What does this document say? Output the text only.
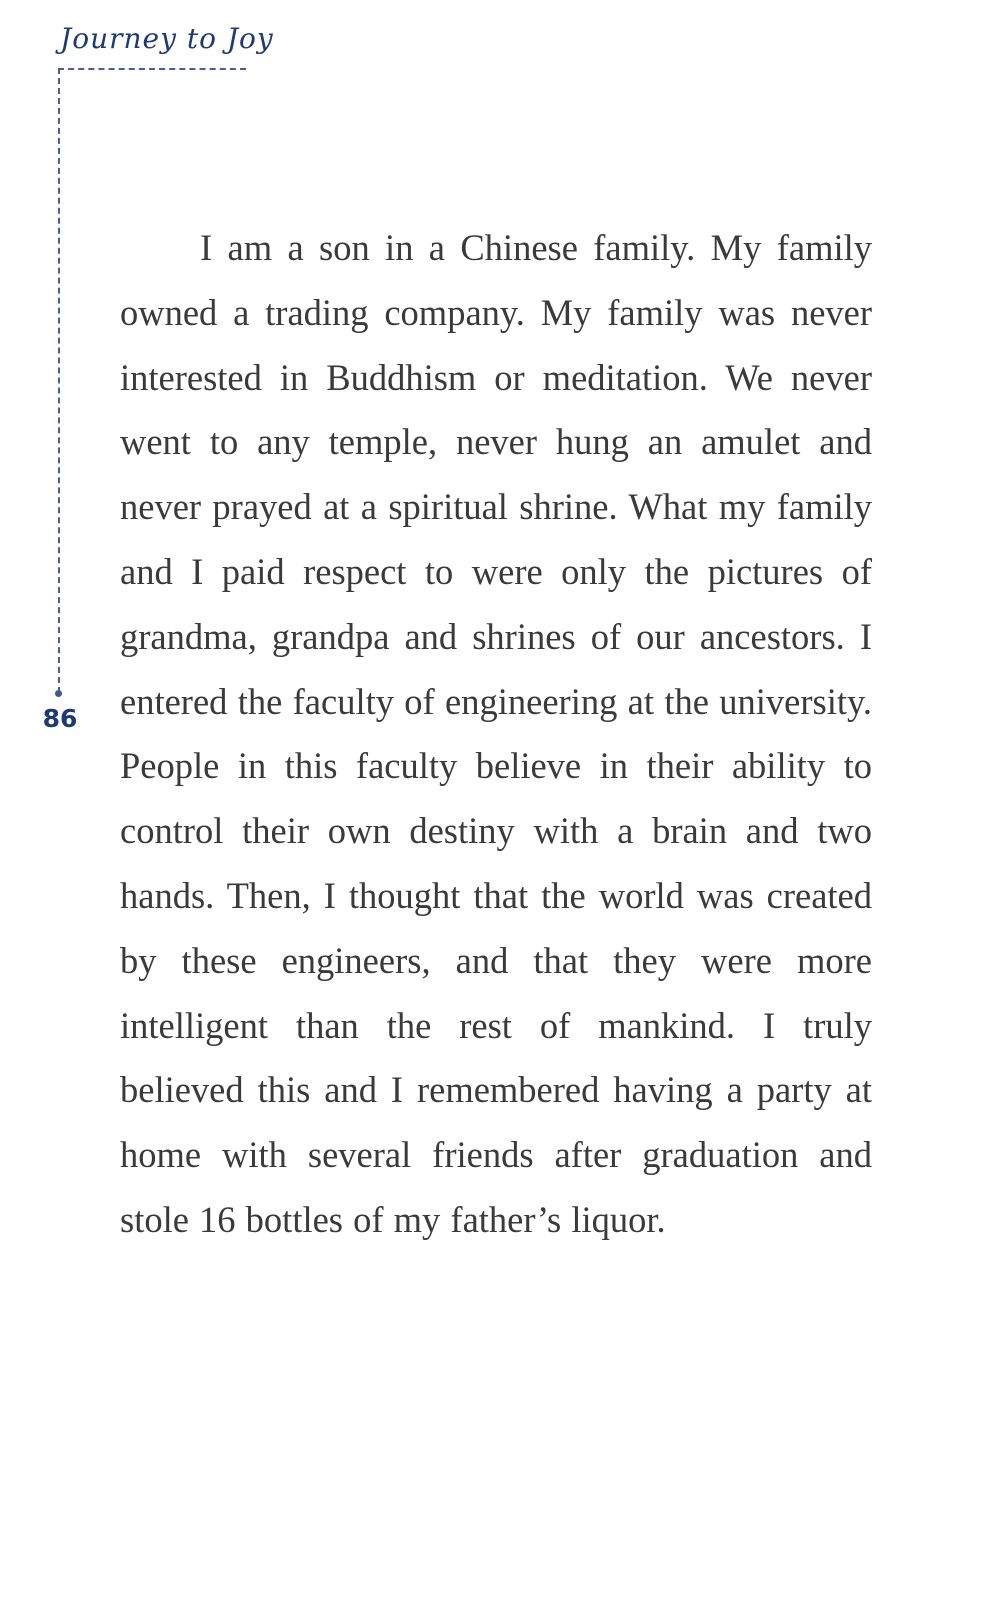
Journey to Joy
86

I am a son in a Chinese family. My family owned a trading company. My family was never interested in Buddhism or meditation. We never went to any temple, never hung an amulet and never prayed at a spiritual shrine. What my family and I paid respect to were only the pictures of grandma, grandpa and shrines of our ancestors. I entered the faculty of engineering at the university. People in this faculty believe in their ability to control their own destiny with a brain and two hands. Then, I thought that the world was created by these engineers, and that they were more intelligent than the rest of mankind. I truly believed this and I remembered having a party at home with several friends after graduation and stole 16 bottles of my father’s liquor.
